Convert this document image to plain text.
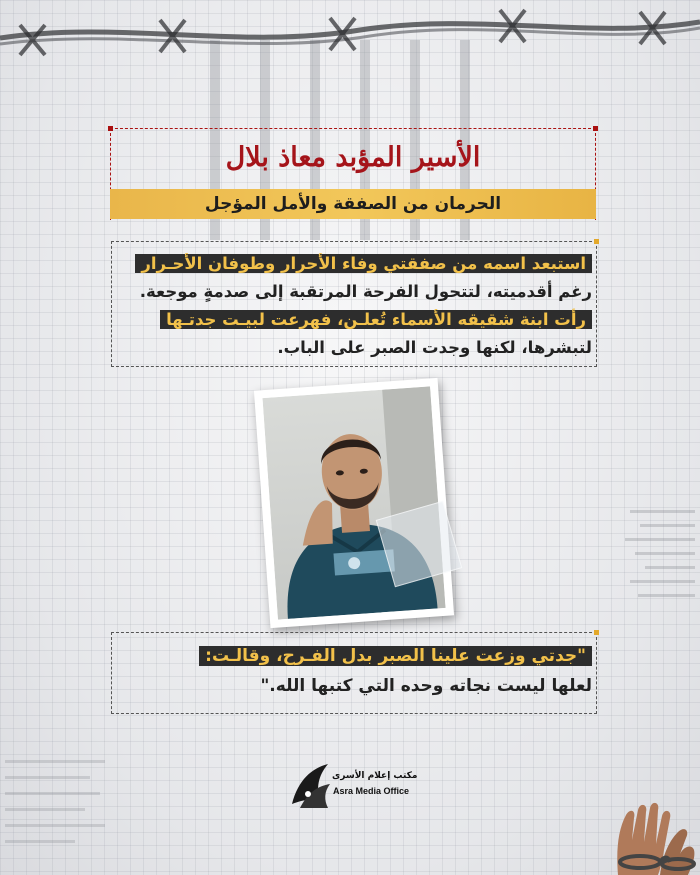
الأسير المؤبد معاذ بلال
الحرمان من الصفقة والأمل المؤجل
استبعد اسمه من صفقتي وفاء الأحرار وطوفان الأحـرار
رغم أقدميته، لتتحول الفرحة المرتقبة إلى صدمةٍ موجعة.
رأت ابنة شقيقه الأسماء تُعلـن، فهرعت لبيـت جدتـها
لتبشرها، لكنها وجدت الصبر على الباب.
"جدتي وزعت علينا الصبر بدل الفـرح، وقالـت:
لعلها ليست نجاته وحده التي كتبها الله."
مكتب إعلام الأسرى
Asra Media Office
